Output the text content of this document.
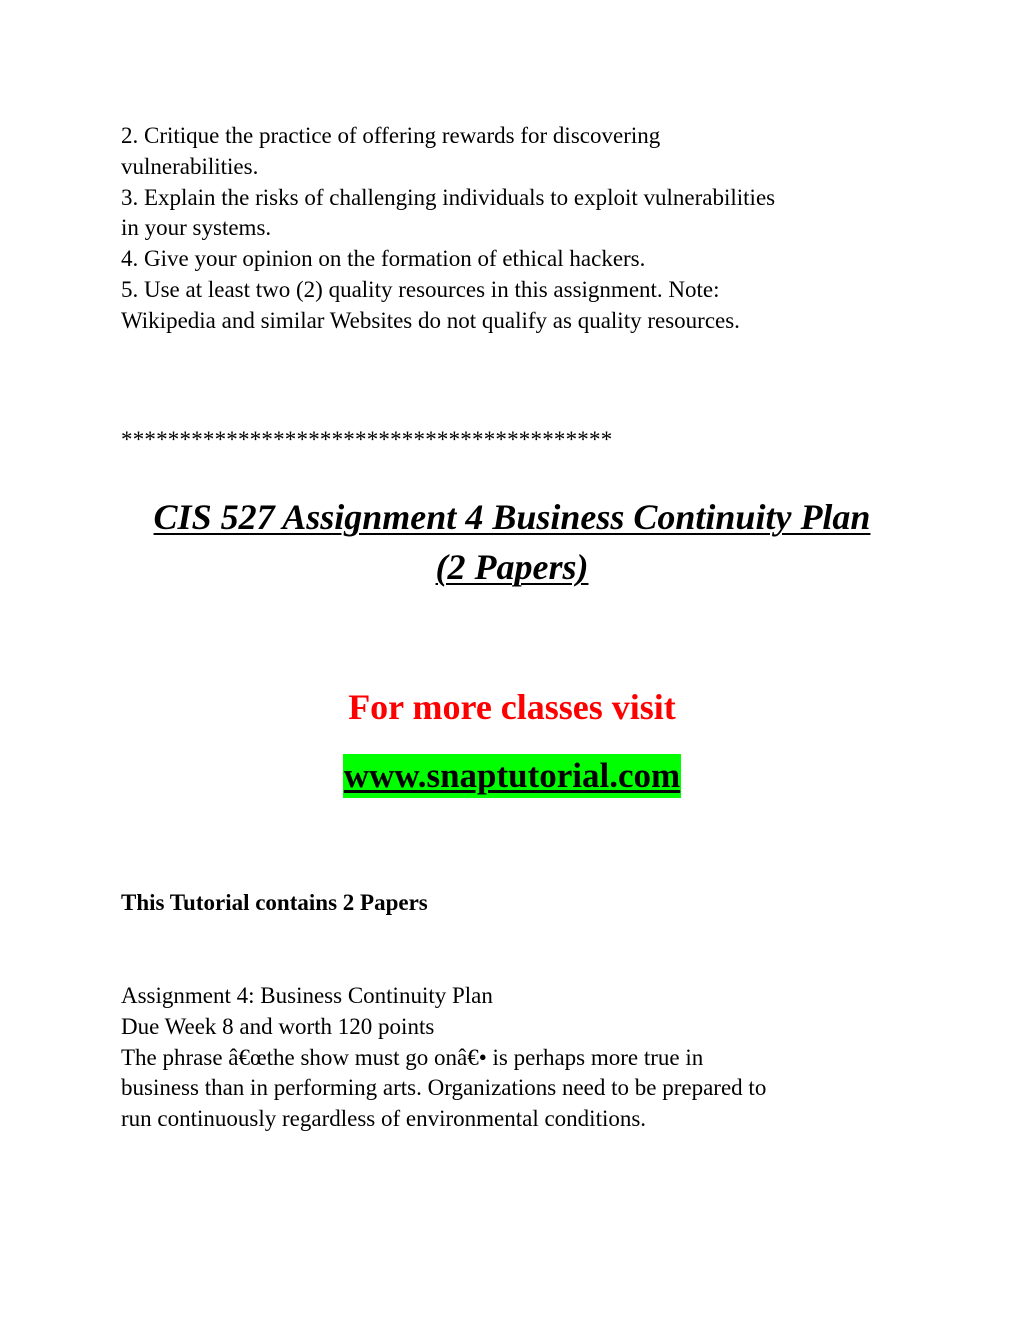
2. Critique the practice of offering rewards for discovering
vulnerabilities.
3. Explain the risks of challenging individuals to exploit vulnerabilities
in your systems.
4. Give your opinion on the formation of ethical hackers.
5. Use at least two (2) quality resources in this assignment. Note:
Wikipedia and similar Websites do not qualify as quality resources.
******************************************
CIS 527 Assignment 4 Business Continuity Plan
(2 Papers)
For more classes visit
www.snaptutorial.com
This Tutorial contains 2 Papers
Assignment 4: Business Continuity Plan
Due Week 8 and worth 120 points
The phrase â€œthe show must go onâ€• is perhaps more true in
business than in performing arts. Organizations need to be prepared to
run continuously regardless of environmental conditions.
